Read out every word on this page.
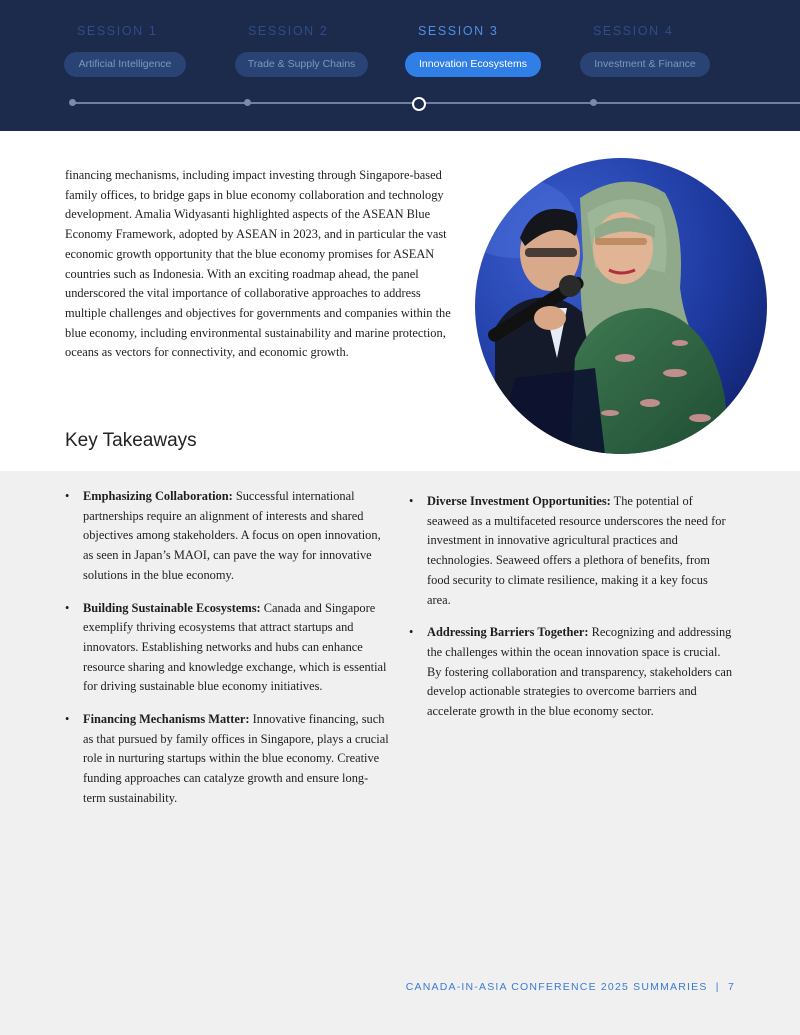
SESSION 1
Artificial Intelligence
SESSION 2
Trade & Supply Chains
SESSION 3
Innovation Ecosystems
SESSION 4
Investment & Finance

financing mechanisms, including impact investing through Singapore-based family offices, to bridge gaps in blue economy collaboration and technology development. Amalia Widyasanti highlighted aspects of the ASEAN Blue Economy Framework, adopted by ASEAN in 2023, and in particular the vast economic growth opportunity that the blue economy promises for ASEAN countries such as Indonesia. With an exciting roadmap ahead, the panel underscored the vital importance of collaborative approaches to address multiple challenges and objectives for governments and companies within the blue economy, including environmental sustainability and marine protection, oceans as vectors for connectivity, and economic growth.

Key Takeaways
• Emphasizing Collaboration: Successful international partnerships require an alignment of interests and shared objectives among stakeholders. A focus on open innovation, as seen in Japan’s MAOI, can pave the way for innovative solutions in the blue economy.
• Building Sustainable Ecosystems: Canada and Singapore exemplify thriving ecosystems that attract startups and innovators. Establishing networks and hubs can enhance resource sharing and knowledge exchange, which is essential for driving sustainable blue economy initiatives.
• Financing Mechanisms Matter: Innovative financing, such as that pursued by family offices in Singapore, plays a crucial role in nurturing startups within the blue economy. Creative funding approaches can catalyze growth and ensure long-term sustainability.
• Diverse Investment Opportunities: The potential of seaweed as a multifaceted resource underscores the need for investment in innovative agricultural practices and technologies. Seaweed offers a plethora of benefits, from food security to climate resilience, making it a key focus area.
• Addressing Barriers Together: Recognizing and addressing the challenges within the ocean innovation space is crucial. By fostering collaboration and transparency, stakeholders can develop actionable strategies to overcome barriers and accelerate growth in the blue economy sector.
CANADA-IN-ASIA CONFERENCE 2025 SUMMARIES  |  7
